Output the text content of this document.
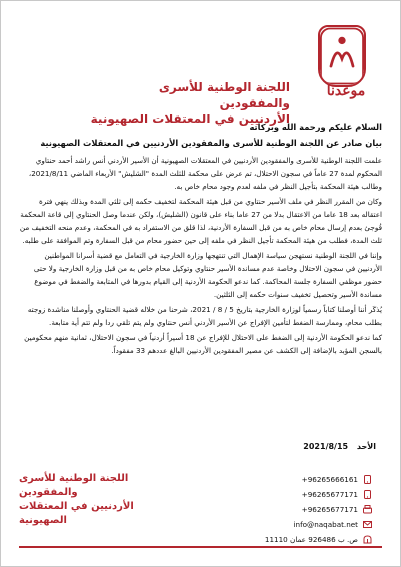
موعدنا
اللجنة الوطنية للأسرى والمفقودين
الأردنيين في المعتقلات الصهيونية
السلام عليكم ورحمة الله وبركاته
بيان صادر عن اللجنة الوطنية للأسرى والمفقودين الأردنيين في المعتقلات الصهيونية

علمت اللجنة الوطنية للأسرى والمفقودين الأردنيين في المعتقلات الصهيونية أن الأسير الأردني أنس راشد أحمد حنتاوي المحكوم لمدة 27 عاماً في سجون الاحتلال، تم عرض على محكمة للثلث المدة "الشليش" الأربعاء الماضي 2021/8/11، وطالب هيئة المحكمة بتأجيل النظر في ملفه لعدم وجود محام خاص به.

وكان من المقرر النظر في ملف الأسير حنتاوي من قبل هيئة المحكمة لتخفيف حكمه إلى ثلثي المدة وبذلك ينهي فترة اعتقاله بعد 18 عاما من الاعتقال بدلا من 27 عاما بناء على قانون (الشليش)، ولكن عندما وصل الحنتاوي إلى قاعة المحكمة فُوجئ بعدم إرسال محام خاص به من قبل السفارة الأردنية، لذا قلق من الاستفراد به في المحكمة، وعدم منحه التخفيف من ثلث المدة، فطلب من هيئة المحكمة تأجيل النظر في ملفه إلى حين حضور محام من قبل السفارة وتم الموافقة على طلبه.

وإننا في اللجنة الوطنية نستهجن سياسة الإهمال التي تنتهجها وزارة الخارجية في التعامل مع قضية أسرانا المواطنين الأردنيين في سجون الاحتلال وخاصة عدم مساندة الأسير حنتاوي وتوكيل محام خاص به من قبل وزارة الخارجية ولا حتى حضور موظفي السفارة جلسة المحاكمة. كما ندعو الحكومة الأردنية إلى القيام بدورها في المتابعة والضغط في موضوع مساندة الأسير وتحصيل تخفيف سنوات حكمه إلى الثلثين.

يُذكَر أننا أوصلنا كتاباً رسمياً لوزارة الخارجية بتاريخ 5 / 8 / 2021، شرحنا من خلاله قضية الحنتاوي وأوصلنا مناشدة زوجته بطلب محام، وممارسة الضغط لتأمين الإفراج عن الأسير الأردني أنس حنتاوي ولم يتم تلقي ردا ولم تتم أية متابعة.

كما ندعو الحكومة الأردنية إلى الضغط على الاحتلال للإفراج عن 18 أسيراً أردنياً في سجون الاحتلال، ثمانية منهم محكومين بالسجن المؤبد بالإضافة إلى الكشف عن مصير المفقودين الأردنيين البالغ عددهم 33 مفقوداً.

الأحد 2021/8/15
اللجنة الوطنية للأسرى والمفقودين
الأردنيين في المعتقلات الصهيونية
+96265666161
+96265677171
+96265677171
info@naqabat.net
ص. ب 926486 عمان 11110
